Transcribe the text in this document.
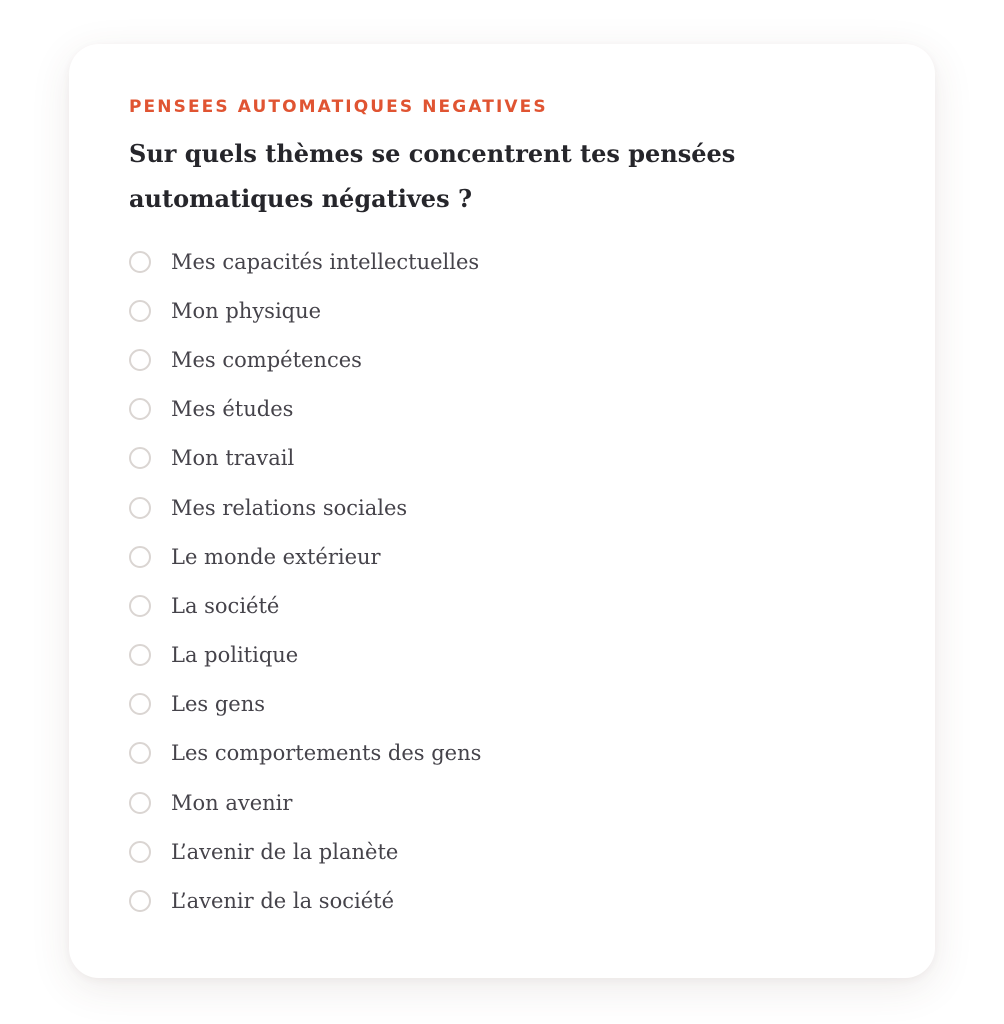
PENSEES AUTOMATIQUES NEGATIVES

Sur quels thèmes se concentrent tes pensées automatiques négatives ?
Mes capacités intellectuelles
Mon physique
Mes compétences
Mes études
Mon travail
Mes relations sociales
Le monde extérieur
La société
La politique
Les gens
Les comportements des gens
Mon avenir
L’avenir de la planète
L’avenir de la société
